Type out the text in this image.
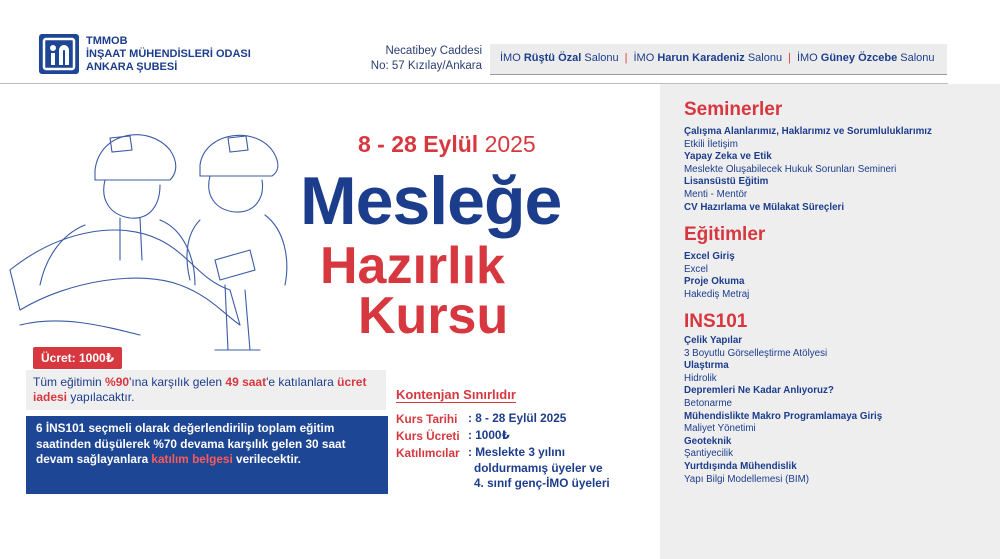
TMMOB
İNŞAAT MÜHENDİSLERİ ODASI
ANKARA ŞUBESİ
Necatibey Caddesi
No: 57 Kızılay/Ankara
İMO Rüştü Özal Salonu | İMO Harun Karadeniz Salonu | İMO Güney Özcebe Salonu
8 - 28 Eylül 2025
Mesleğe
Hazırlık
Kursu
Ücret: 1000₺
Tüm eğitimin %90'ına karşılık gelen 49 saat'e katılanlara ücret iadesi yapılacaktır.
6 İNS101 seçmeli olarak değerlendirilip toplam eğitim saatinden düşülerek %70 devama karşılık gelen 30 saat devam sağlayanlara katılım belgesi verilecektir.
Kontenjan Sınırlıdır
Kurs Tarihi : 8 - 28 Eylül 2025
Kurs Ücreti : 1000₺
Katılımcılar : Meslekte 3 yılını
doldurmamış üyeler ve
4. sınıf genç-İMO üyeleri
Seminerler
Çalışma Alanlarımız, Haklarımız ve Sorumluluklarımız
Etkili İletişim
Yapay Zeka ve Etik
Meslekte Oluşabilecek Hukuk Sorunları Semineri
Lisansüstü Eğitim
Menti - Mentör
CV Hazırlama ve Mülakat Süreçleri
Eğitimler
Excel Giriş
Excel
Proje Okuma
Hakediş Metraj
INS101
Çelik Yapılar
3 Boyutlu Görselleştirme Atölyesi
Ulaştırma
Hidrolik
Depremleri Ne Kadar Anlıyoruz?
Betonarme
Mühendislikte Makro Programlamaya Giriş
Maliyet Yönetimi
Geoteknik
Şantiyecilik
Yurtdışında Mühendislik
Yapı Bilgi Modellemesi (BIM)
